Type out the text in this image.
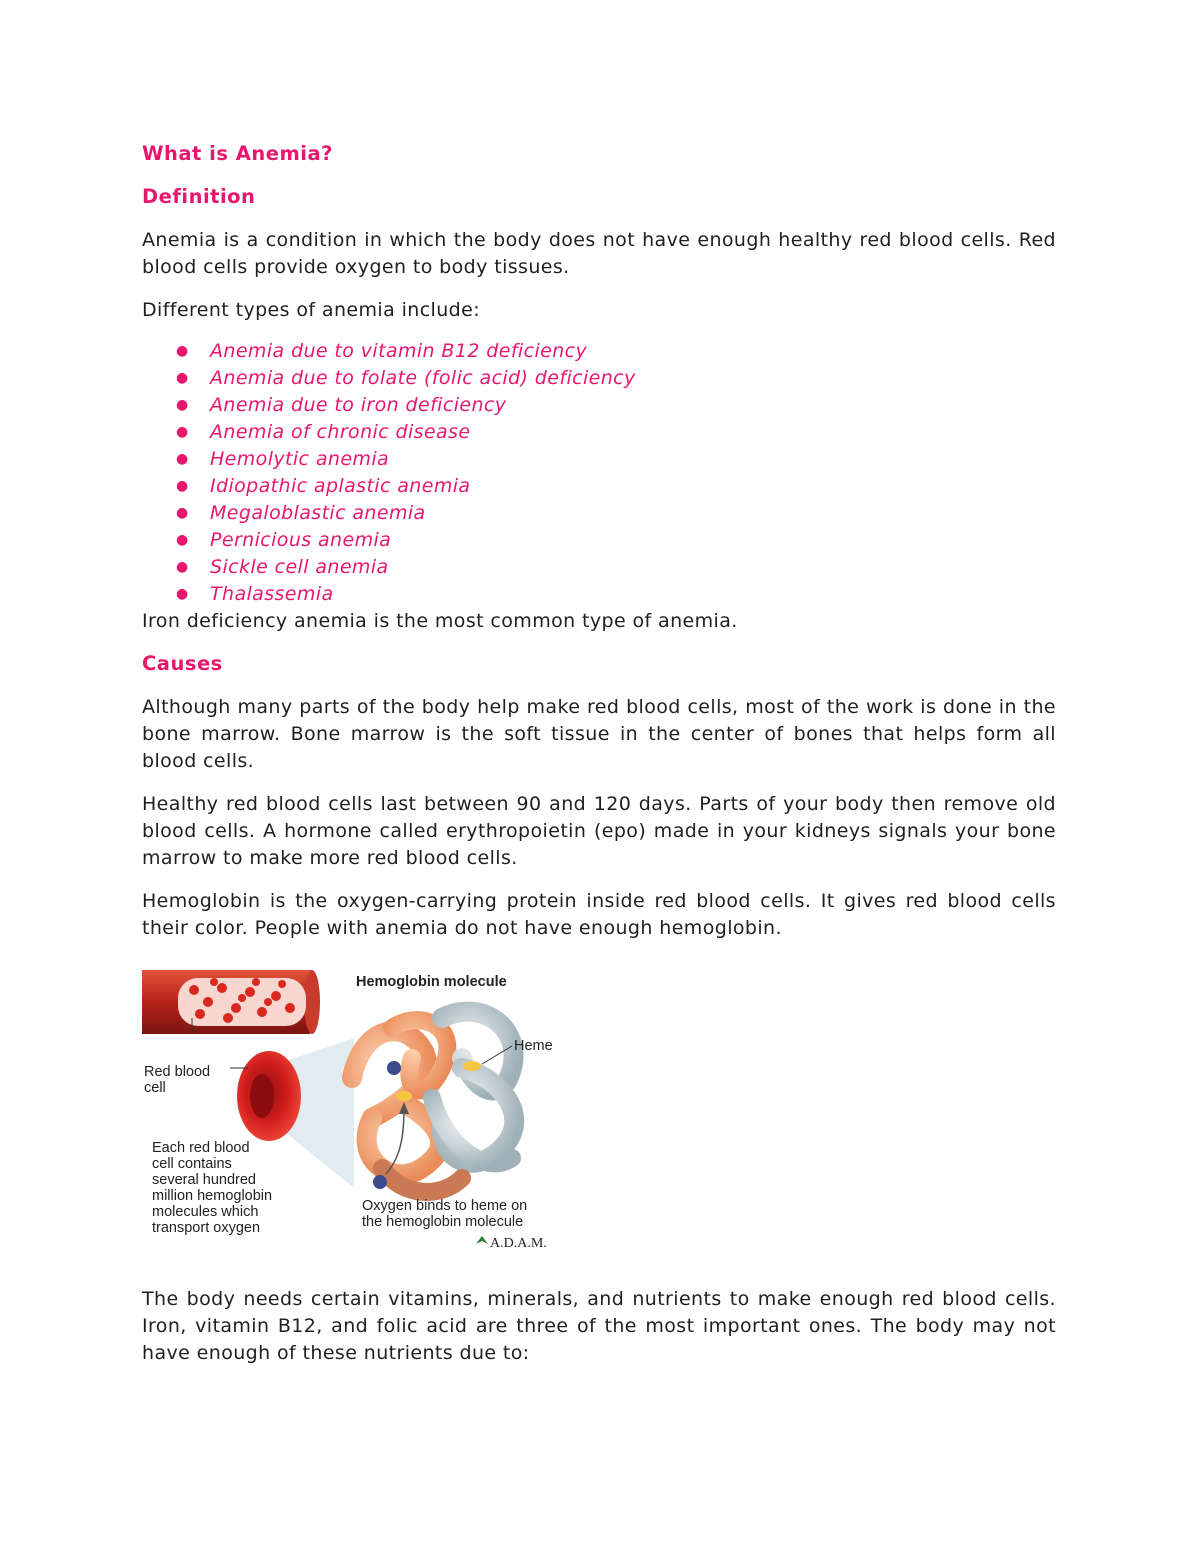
What is Anemia?
Definition

Anemia is a condition in which the body does not have enough healthy red blood cells. Red blood cells provide oxygen to body tissues.

Different types of anemia include:

● Anemia due to vitamin B12 deficiency
● Anemia due to folate (folic acid) deficiency
● Anemia due to iron deficiency
● Anemia of chronic disease
● Hemolytic anemia
● Idiopathic aplastic anemia
● Megaloblastic anemia
● Pernicious anemia
● Sickle cell anemia
● Thalassemia

Iron deficiency anemia is the most common type of anemia.

Causes

Although many parts of the body help make red blood cells, most of the work is done in the bone marrow. Bone marrow is the soft tissue in the center of bones that helps form all blood cells.

Healthy red blood cells last between 90 and 120 days. Parts of your body then remove old blood cells. A hormone called erythropoietin (epo) made in your kidneys signals your bone marrow to make more red blood cells.

Hemoglobin is the oxygen-carrying protein inside red blood cells. It gives red blood cells their color. People with anemia do not have enough hemoglobin.

Hemoglobin molecule
Heme
Red blood
cell
Each red blood
cell contains
several hundred
million hemoglobin
molecules which
transport oxygen
Oxygen binds to heme on
the hemoglobin molecule
A.D.A.M.

The body needs certain vitamins, minerals, and nutrients to make enough red blood cells. Iron, vitamin B12, and folic acid are three of the most important ones. The body may not have enough of these nutrients due to:
